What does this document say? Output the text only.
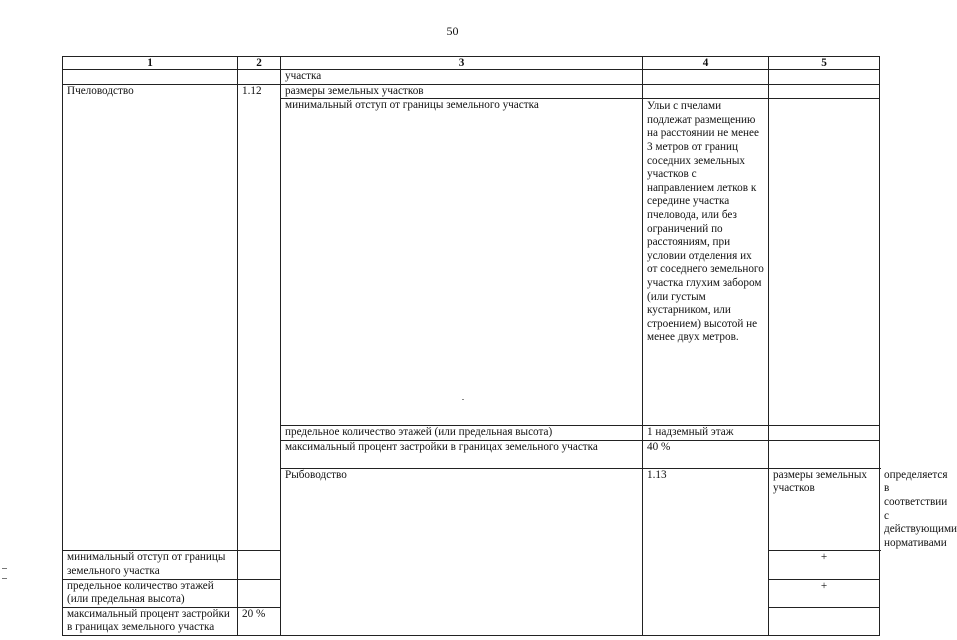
50
1	2	3	4	5	
		участка			
Пчеловодство	1.12	размеры земельных участков			
		минимальный отступ от границы земельного участка	Ульи с пчелами подлежат размещению на расстоянии не менее 3 метров от границ соседних земельных участков с направлением летков к середине участка пчеловода, или без ограничений по расстояниям, при условии отделения их от соседнего земельного участка глухим забором (или густым кустарником, или строением) высотой не менее двух метров.		
		предельное количество этажей (или предельная высота)	1 надземный этаж		
		максимальный процент застройки в границах земельного участка	40 %		
		Рыбоводство	1.13	размеры земельных участков	определяется в соответствии с действующими нормативами
минимальный отступ от границы земельного участка				+	
предельное количество этажей (или предельная высота)				+	
максимальный процент застройки в границах земельного участка	20 %				
